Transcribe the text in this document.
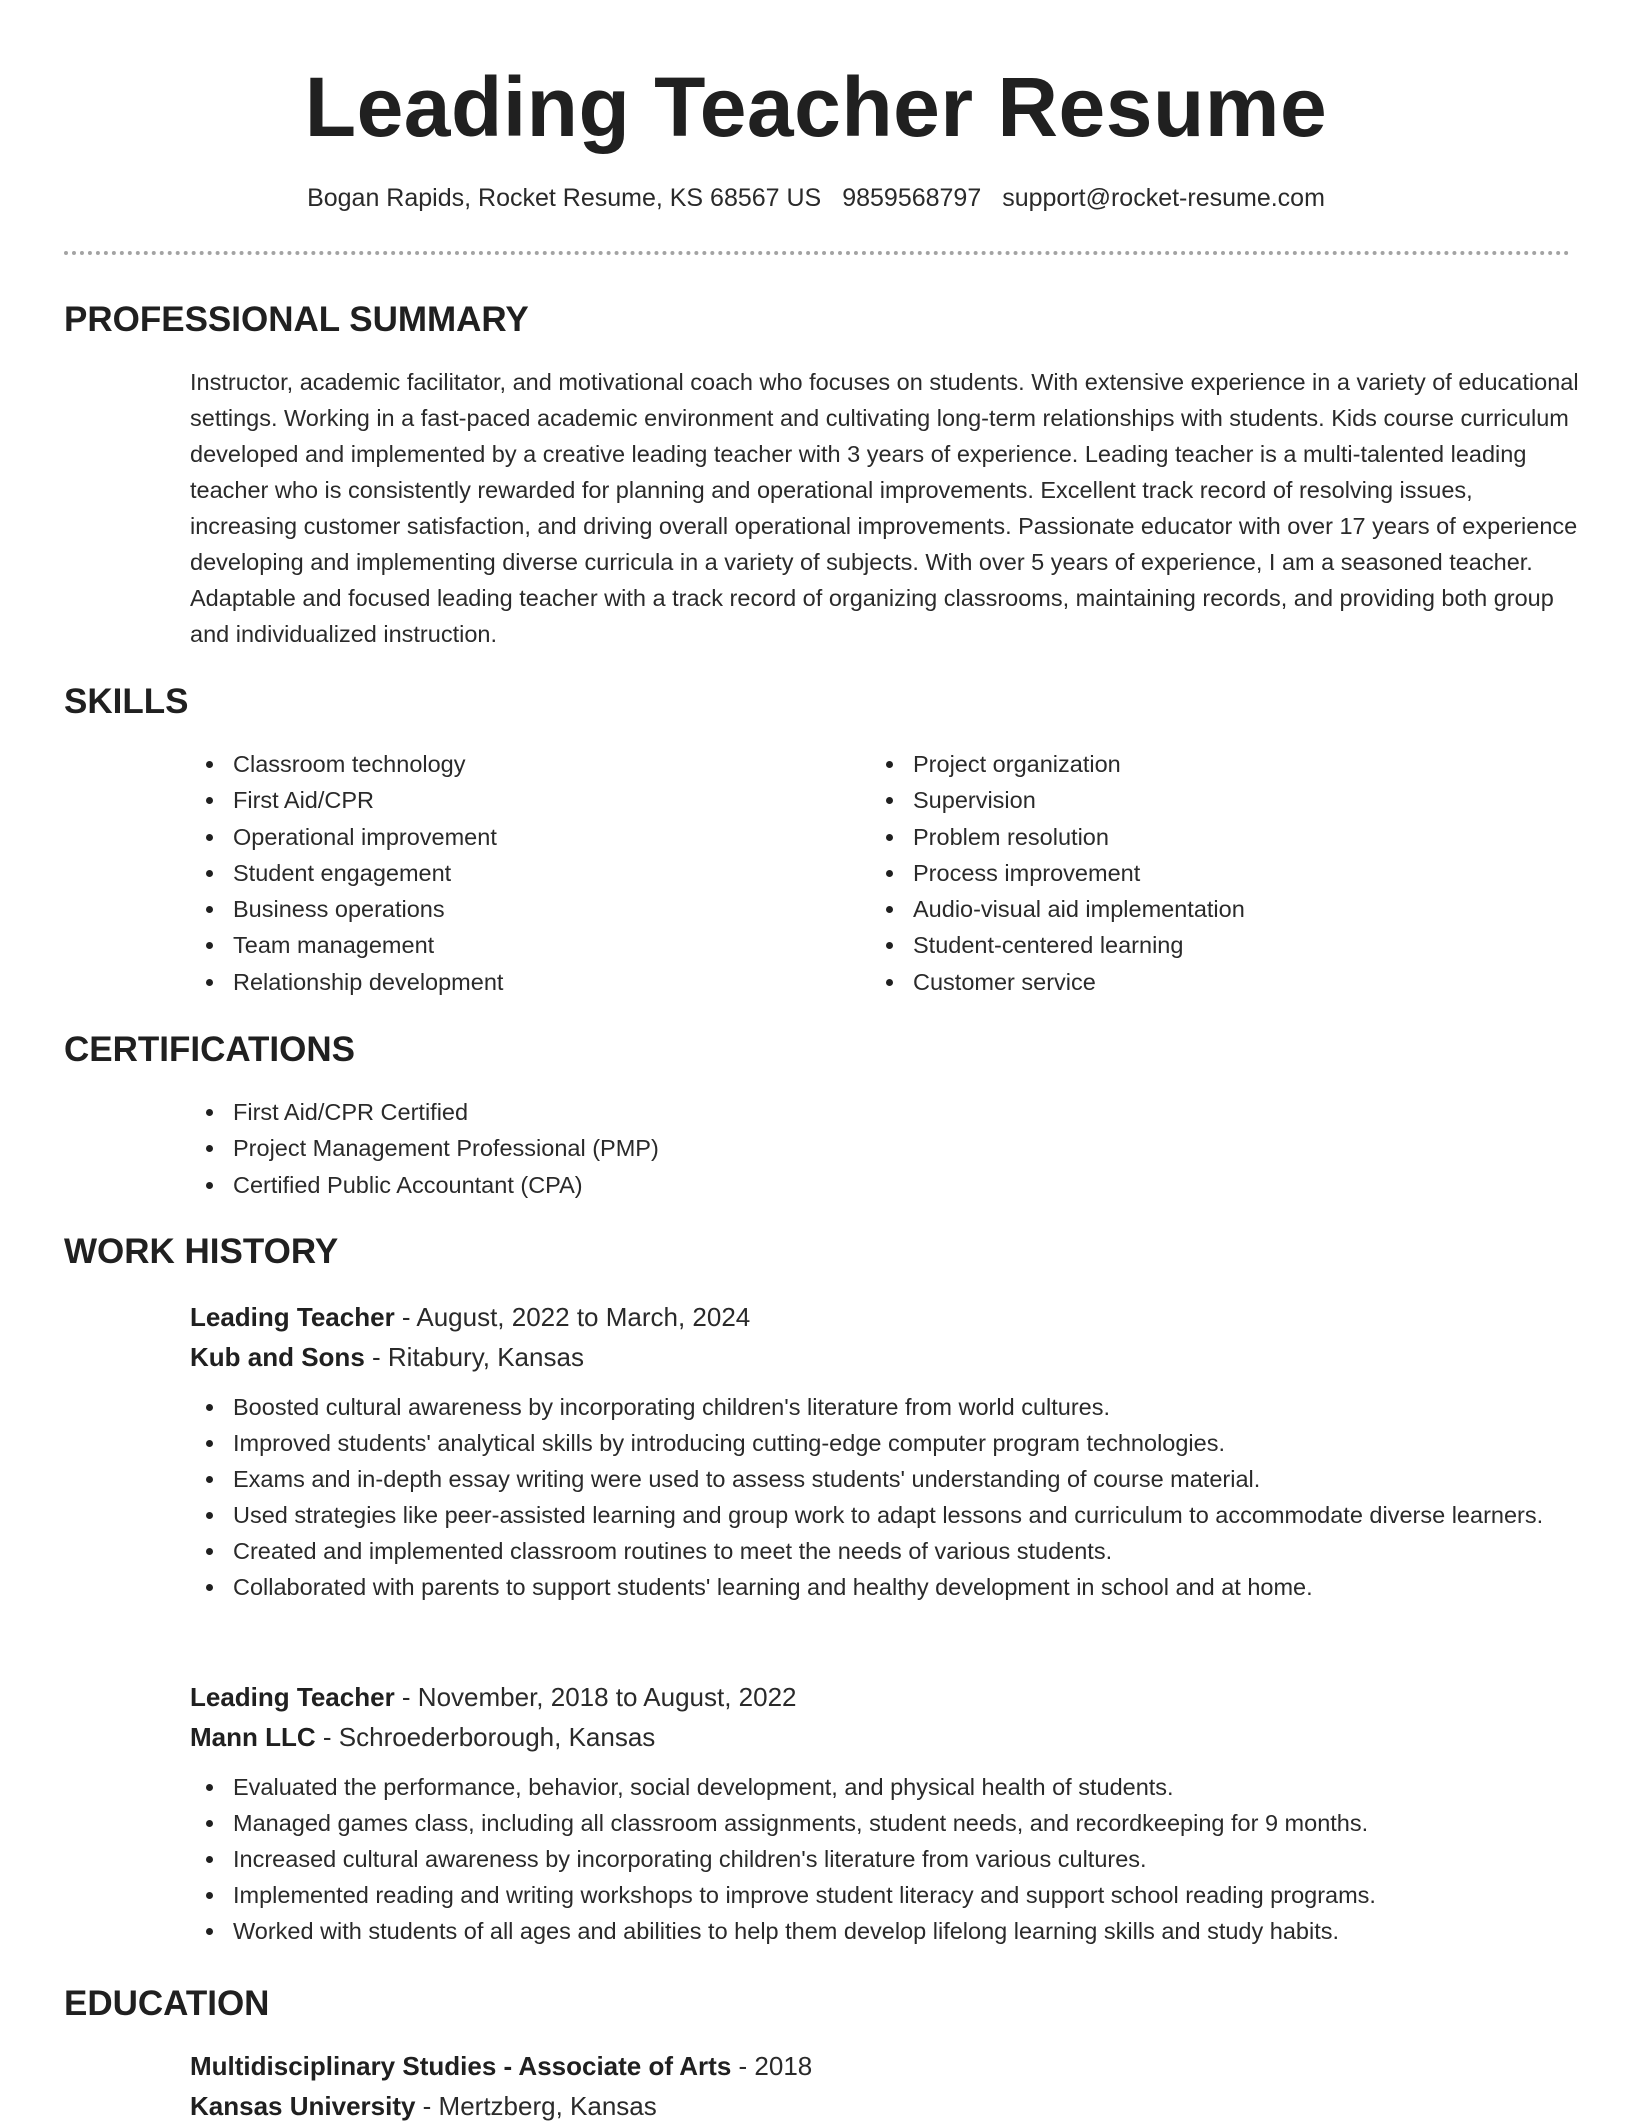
Leading Teacher Resume
Bogan Rapids, Rocket Resume, KS 68567 US 9859568797 support@rocket-resume.com
PROFESSIONAL SUMMARY

Instructor, academic facilitator, and motivational coach who focuses on students. With extensive experience in a variety of educational settings. Working in a fast-paced academic environment and cultivating long-term relationships with students. Kids course curriculum developed and implemented by a creative leading teacher with 3 years of experience. Leading teacher is a multi-talented leading teacher who is consistently rewarded for planning and operational improvements. Excellent track record of resolving issues, increasing customer satisfaction, and driving overall operational improvements. Passionate educator with over 17 years of experience developing and implementing diverse curricula in a variety of subjects. With over 5 years of experience, I am a seasoned teacher. Adaptable and focused leading teacher with a track record of organizing classrooms, maintaining records, and providing both group and individualized instruction.

SKILLS
Classroom technology
First Aid/CPR
Operational improvement
Student engagement
Business operations
Team management
Relationship development
Project organization
Supervision
Problem resolution
Process improvement
Audio-visual aid implementation
Student-centered learning
Customer service
CERTIFICATIONS
First Aid/CPR Certified
Project Management Professional (PMP)
Certified Public Accountant (CPA)
WORK HISTORY
Leading Teacher - August, 2022 to March, 2024
Kub and Sons - Ritabury, Kansas
Boosted cultural awareness by incorporating children's literature from world cultures.
Improved students' analytical skills by introducing cutting-edge computer program technologies.
Exams and in-depth essay writing were used to assess students' understanding of course material.
Used strategies like peer-assisted learning and group work to adapt lessons and curriculum to accommodate diverse learners.
Created and implemented classroom routines to meet the needs of various students.
Collaborated with parents to support students' learning and healthy development in school and at home.
Leading Teacher - November, 2018 to August, 2022
Mann LLC - Schroederborough, Kansas
Evaluated the performance, behavior, social development, and physical health of students.
Managed games class, including all classroom assignments, student needs, and recordkeeping for 9 months.
Increased cultural awareness by incorporating children's literature from various cultures.
Implemented reading and writing workshops to improve student literacy and support school reading programs.
Worked with students of all ages and abilities to help them develop lifelong learning skills and study habits.
EDUCATION
Multidisciplinary Studies - Associate of Arts - 2018
Kansas University - Mertzberg, Kansas
